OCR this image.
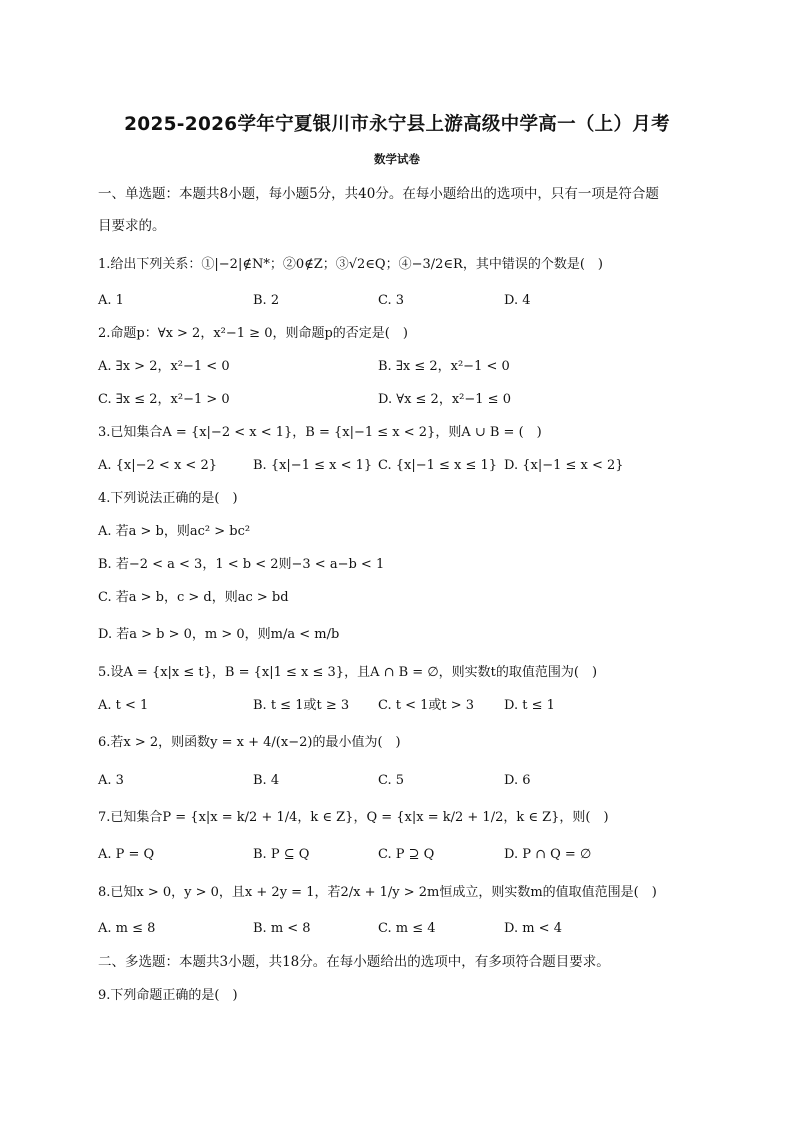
2025-2026学年宁夏银川市永宁县上游高级中学高一（上）月考
数学试卷
一、单选题：本题共8小题，每小题5分，共40分。在每小题给出的选项中，只有一项是符合题
目要求的。
1.给出下列关系：①|−2|∉N*；②0∉Z；③√2∈Q；④−3/2∈R，其中错误的个数是(　)
A. 1	B. 2	C. 3	D. 4
2.命题p：∀x > 2，x²−1 ≥ 0，则命题p的否定是(　)
A. ∃x > 2，x²−1 < 0	B. ∃x ≤ 2，x²−1 < 0
C. ∃x ≤ 2，x²−1 > 0	D. ∀x ≤ 2，x²−1 ≤ 0
3.已知集合A = {x|−2 < x < 1}，B = {x|−1 ≤ x < 2}，则A ∪ B = (　)
A. {x|−2 < x < 2}	B. {x|−1 ≤ x < 1} C. {x|−1 ≤ x ≤ 1} D. {x|−1 ≤ x < 2}
4.下列说法正确的是(　)
A. 若a > b，则ac² > bc²
B. 若−2 < a < 3，1 < b < 2则−3 < a−b < 1
C. 若a > b，c > d，则ac > bd
D. 若a > b > 0，m > 0，则m/a < m/b
5.设A = {x|x ≤ t}，B = {x|1 ≤ x ≤ 3}，且A ∩ B = ∅，则实数t的取值范围为(　)
A. t < 1	B. t ≤ 1或t ≥ 3 C. t < 1或t > 3 D. t ≤ 1
6.若x > 2，则函数y = x + 4/(x−2)的最小值为(　)
A. 3	B. 4	C. 5	D. 6
7.已知集合P = {x|x = k/2 + 1/4，k ∈ Z}，Q = {x|x = k/2 + 1/2，k ∈ Z}，则(　)
A. P = Q	B. P ⊆ Q	C. P ⊇ Q	D. P ∩ Q = ∅
8.已知x > 0，y > 0，且x + 2y = 1，若2/x + 1/y > 2m恒成立，则实数m的值取值范围是(　)
A. m ≤ 8	B. m < 8	C. m ≤ 4	D. m < 4
二、多选题：本题共3小题，共18分。在每小题给出的选项中，有多项符合题目要求。
9.下列命题正确的是(　)
